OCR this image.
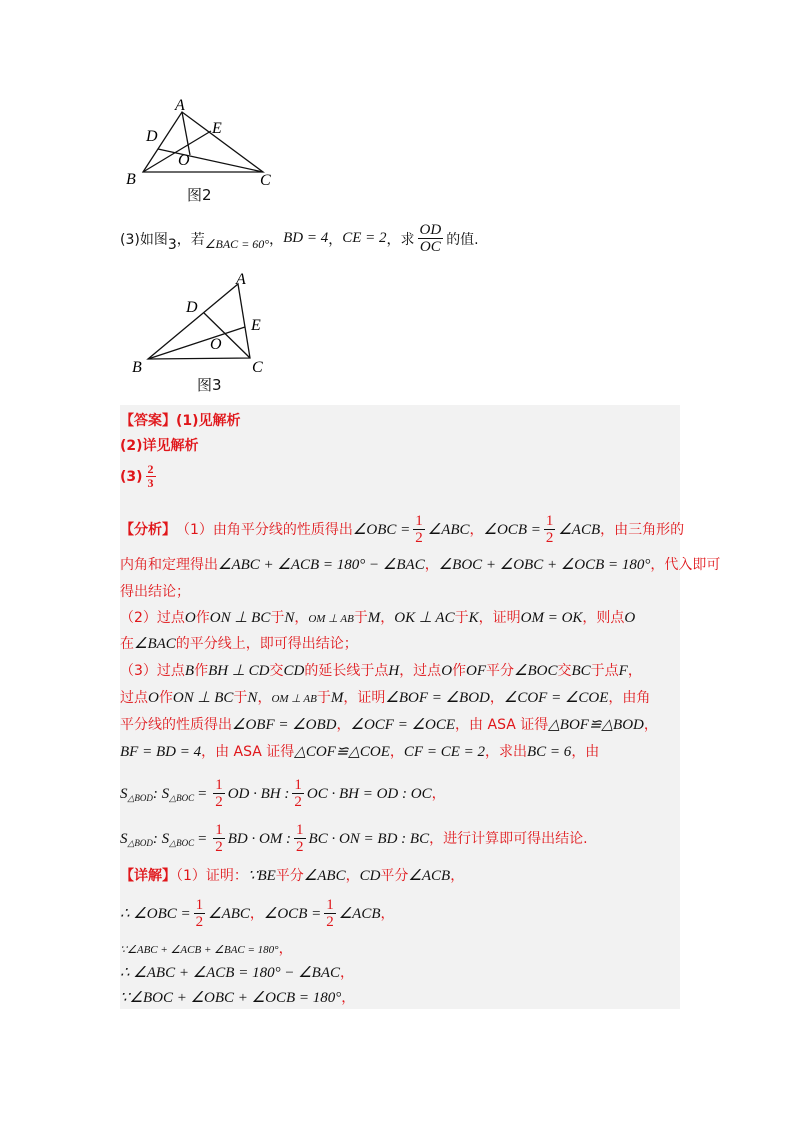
A
D	E
O
B	C
图2
(3)如图 3 ，若 ∠BAC = 60° ， BD = 4 ， CE = 2 ，求 $\frac{OD}{OC}$ 的值.
A
D
E
O
B	C
图3
【答案】(1)见解析
(2)详见解析
$(3) \frac{2}{3}$
【分析】 （1）由角平分线的性质得出 ∠OBC = $\frac{1}{2}$ ∠ABC ， ∠OCB = $\frac{1}{2}$ ∠ACB ，由三角形的
内角和定理得出∠ABC + ∠ACB = 180° − ∠BAC，∠BOC + ∠OBC + ∠OCB = 180°，代入即可
得出结论；
（2）过点O作ON ⊥ BC于N，OM ⊥ AB于M，OK ⊥ AC于K，证明OM = OK，则点O
在∠BAC的平分线上，即可得出结论；
（3）过点B作BH ⊥ CD交CD的延长线于点H，过点O作OF平分∠BOC交BC于点F，
过点O作ON ⊥ BC于N，OM ⊥ AB于M，证明∠BOF = ∠BOD，∠COF = ∠COE，由角
平分线的性质得出∠OBF = ∠OBD，∠OCF = ∠OCE，由 ASA 证得△BOF≌△BOD，
BF = BD = 4，由 ASA 证得△COF≌△COE，CF = CE = 2，求出BC = 6，由
S △BOD : S △BOC = $\frac{1}{2}$ OD · BH : $\frac{1}{2}$ OC · BH = OD : OC ，
S △BOD : S △BOC = $\frac{1}{2}$ BD · OM : $\frac{1}{2}$ BC · ON = BD : BC ，进行计算即可得出结论.
【详解】（1）证明：∵BE平分∠ABC，CD平分∠ACB，
∴ ∠OBC = $\frac{1}{2}$ ∠ABC ， ∠OCB = $\frac{1}{2}$ ∠ACB ，
∵∠ABC + ∠ACB + ∠BAC = 180°，
∴ ∠ABC + ∠ACB = 180° − ∠BAC，
∵∠BOC + ∠OBC + ∠OCB = 180°，
